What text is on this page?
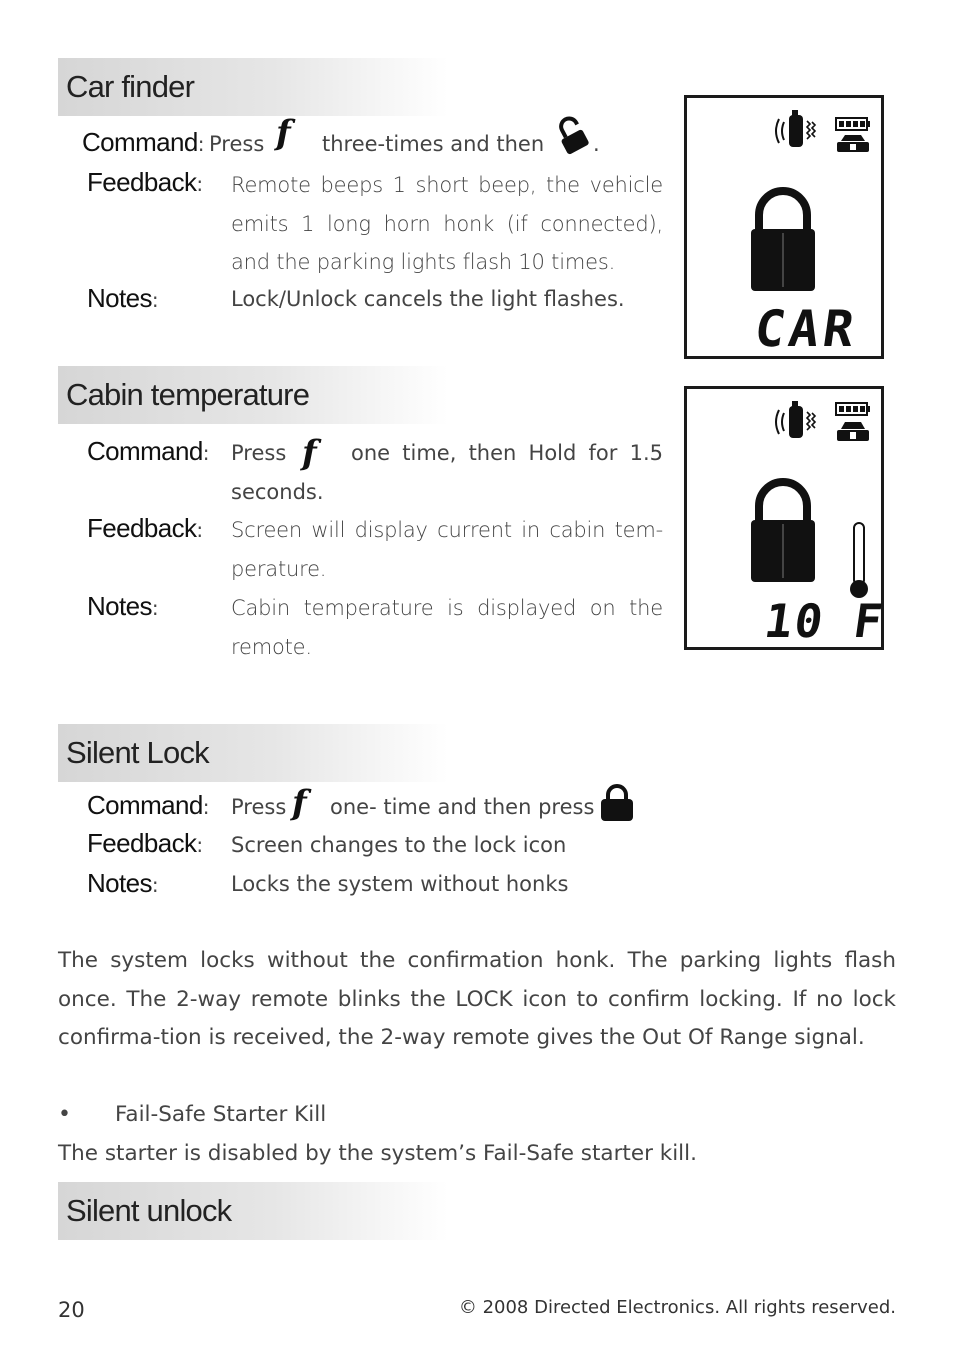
Car finder
Command: Press f three-times and then .
Feedback: Remote beeps 1 short beep, the vehicle emits 1 long horn honk (if connected), and the parking lights flash 10 times.
Notes:	Lock/Unlock cancels the light flashes.
CAR
Cabin temperature
Command: Press f one time, then Hold for 1.5
seconds.
Feedback: Screen will display current in cabin tem-perature.
Notes:	Cabin temperature is displayed on the remote.	10 F
Silent Lock
Command: Press f one- time and then press
Feedback: Screen changes to the lock icon
Notes:	Locks the system without honks
The system locks without the confirmation honk. The parking lights flash once. The 2-way remote blinks the LOCK icon to confirm locking. If no lock confirma-tion is received, the 2-way remote gives the Out Of Range signal.
• Fail-Safe Starter Kill
The starter is disabled by the system’s Fail-Safe starter kill.
Silent unlock
20	© 2008 Directed Electronics. All rights reserved.
